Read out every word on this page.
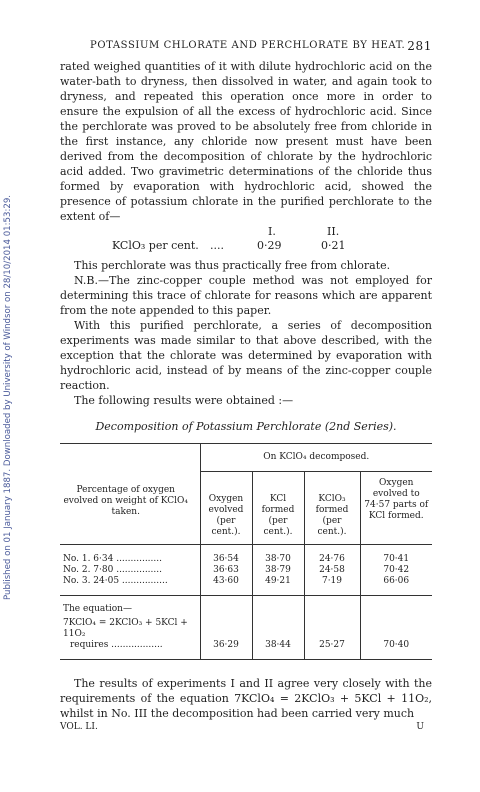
Published on 01 January 1887. Downloaded by University of Windsor on 28/10/2014 01:53:29.
POTASSIUM CHLORATE AND PERCHLORATE BY HEAT. 281

rated weighed quantities of it with dilute hydrochloric acid on the water-bath to dryness, then dissolved in water, and again took to dryness, and repeated this operation once more in order to ensure the expulsion of all the excess of hydrochloric acid. Since the perchlorate was proved to be absolutely free from chloride in the first instance, any chloride now present must have been derived from the decomposition of chlorate by the hydrochloric acid added. Two gravimetric determinations of the chloride thus formed by evaporation with hydrochloric acid, showed the presence of potassium chlorate in the purified perchlorate to the extent of—

I.	II.
KClO₃ per cent. ....	0·29	0·21

This perchlorate was thus practically free from chlorate.

N.B.—The zinc-copper couple method was not employed for determining this trace of chlorate for reasons which are apparent from the note appended to this paper.

With this purified perchlorate, a series of decomposition experiments was made similar to that above described, with the exception that the chlorate was determined by evaporation with hydrochloric acid, instead of by means of the zinc-copper couple reaction.

The following results were obtained :—

Decomposition of Potassium Perchlorate (2nd Series).
	On KClO₄ decomposed.			
Percentage of oxygen evolved on weight of KClO₄ taken.	Oxygen evolved (per cent.).	KCl formed (per cent.).	KClO₃ formed (per cent.).	Oxygen evolved to 74·57 parts of KCl formed.
No. 1. 6·34 ................	36·54	38·70	24·76	70·41
No. 2. 7·80 ................	36·63	38·79	24·58	70·42
No. 3. 24·05 ................	43·60	49·21	7·19	66·06
The equation—				
7KClO₄ = 2KClO₃ + 5KCl + 11O₂				
requires ..................	36·29	38·44	25·27	70·40

The results of experiments I and II agree very closely with the requirements of the equation 7KClO₄ = 2KClO₃ + 5KCl + 11O₂, whilst in No. III the decomposition had been carried very much

VOL. LI.	U
